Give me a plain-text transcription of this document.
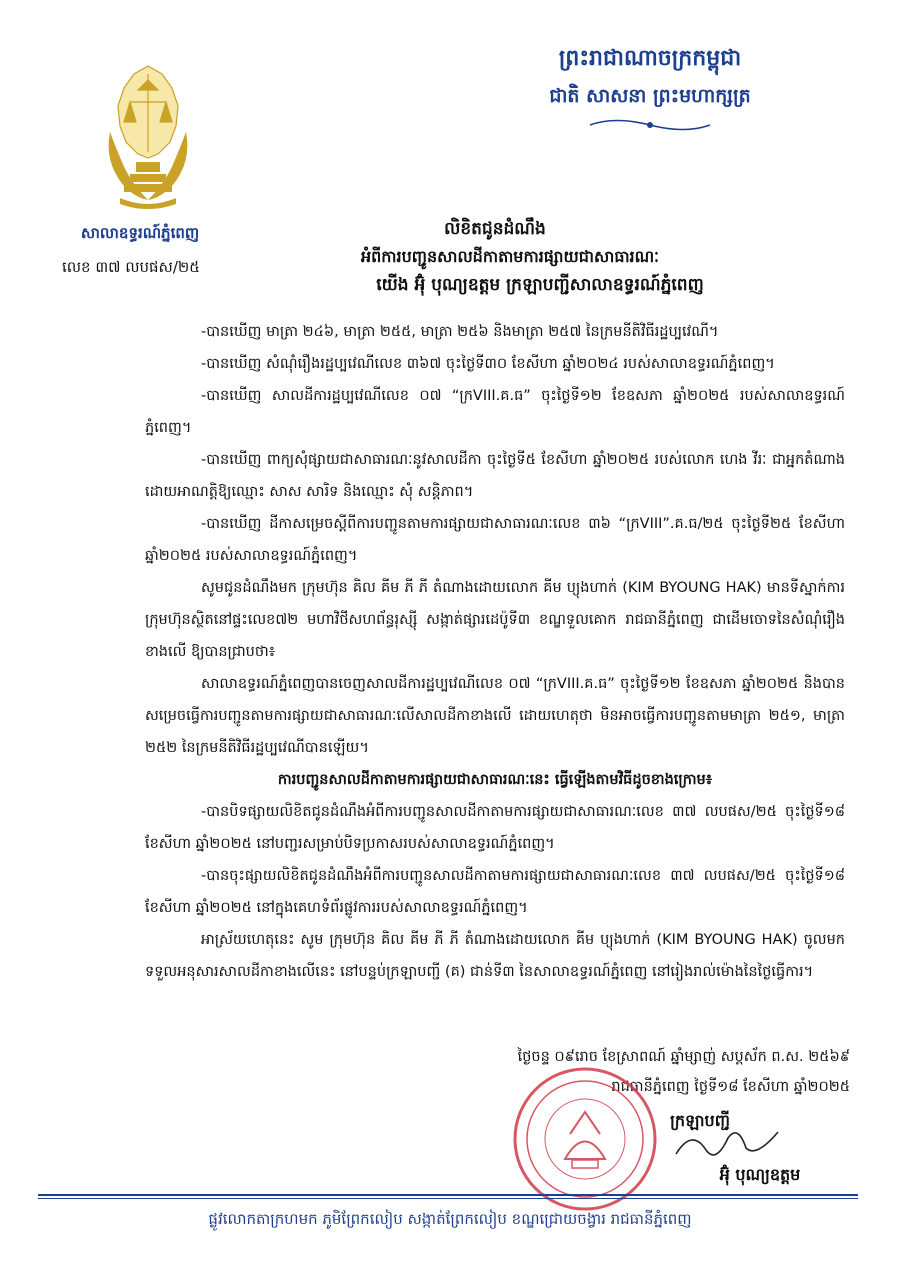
សាលាឧទ្ធរណ៍ភ្នំពេញ
លេខ ៣៧ លបផស/២៥
ព្រះរាជាណាចក្រកម្ពុជា
ជាតិ សាសនា ព្រះមហាក្សត្រ
លិខិតជូនដំណឹង
អំពីការបញ្ជូនសាលដីកាតាមការផ្សាយជាសាធារណៈ
យើង អ៊ុំ បុណ្យឧត្តម ក្រឡាបញ្ជីសាលាឧទ្ធរណ៍ភ្នំពេញ

-បានឃើញ មាត្រា ២៤៦, មាត្រា ២៥៥, មាត្រា ២៥៦ និងមាត្រា ២៥៧ នៃក្រមនីតិវិធីរដ្ឋប្បវេណី។

-បានឃើញ សំណុំរឿងរដ្ឋប្បវេណីលេខ ៣៦៧ ចុះថ្ងៃទី៣០ ខែសីហា ឆ្នាំ២០២៤ របស់សាលាឧទ្ធរណ៍ភ្នំពេញ។

-បានឃើញ សាលដីការដ្ឋប្បវេណីលេខ ០៧ “ក្រVIII.គ.ធ” ចុះថ្ងៃទី១២ ខែឧសភា ឆ្នាំ២០២៥ របស់សាលាឧទ្ធរណ៍ភ្នំពេញ។

-បានឃើញ ពាក្យសុំផ្សាយជាសាធារណៈនូវសាលដីកា ចុះថ្ងៃទី៥ ខែសីហា ឆ្នាំ២០២៥ របស់លោក ហេង វីរៈ ជាអ្នកតំណាងដោយអាណត្តិឱ្យឈ្មោះ សាស សារិទ និងឈ្មោះ សុំ សន្តិភាព។

-បានឃើញ ដីកាសម្រេចស្តីពីការបញ្ជូនតាមការផ្សាយជាសាធារណៈលេខ ៣៦ “ក្រVIII”.គ.ធ/២៥ ចុះថ្ងៃទី២៥ ខែសីហា ឆ្នាំ២០២៥ របស់សាលាឧទ្ធរណ៍ភ្នំពេញ។

សូមជូនដំណឹងមក ក្រុមហ៊ុន គិល គីម ភី ភី តំណាងដោយលោក គីម ប្យុងហាក់ (KIM BYOUNG HAK) មានទីស្នាក់ការក្រុមហ៊ុនស្ថិតនៅផ្ទះលេខ៧២ មហាវិថីសហព័ន្ធរុស្ស៊ី សង្កាត់ផ្សារដេប៉ូទី៣ ខណ្ឌទួលគោក រាជធានីភ្នំពេញ ជាដើមចោទនៃសំណុំរឿងខាងលើ ឱ្យបានជ្រាបថា៖

សាលាឧទ្ធរណ៍ភ្នំពេញបានចេញសាលដីការដ្ឋប្បវេណីលេខ ០៧ “ក្រVIII.គ.ធ” ចុះថ្ងៃទី១២ ខែឧសភា ឆ្នាំ២០២៥ និងបានសម្រេចធ្វើការបញ្ជូនតាមការផ្សាយជាសាធារណៈលើសាលដីកាខាងលើ ដោយហេតុថា មិនអាចធ្វើការបញ្ជូនតាមមាត្រា ២៥១, មាត្រា ២៥២ នៃក្រមនីតិវិធីរដ្ឋប្បវេណីបានឡើយ។

ការបញ្ជូនសាលដីកាតាមការផ្សាយជាសាធារណៈនេះ ធ្វើឡើងតាមវិធីដូចខាងក្រោម៖

-បានបិទផ្សាយលិខិតជូនដំណឹងអំពីការបញ្ជូនសាលដីកាតាមការផ្សាយជាសាធារណៈលេខ ៣៧ លបផស/២៥ ចុះថ្ងៃទី១៨ ខែសីហា ឆ្នាំ២០២៥ នៅបញ្ជរសម្រាប់បិទប្រកាសរបស់សាលាឧទ្ធរណ៍ភ្នំពេញ។

-បានចុះផ្សាយលិខិតជូនដំណឹងអំពីការបញ្ជូនសាលដីកាតាមការផ្សាយជាសាធារណៈលេខ ៣៧ លបផស/២៥ ចុះថ្ងៃទី១៨ ខែសីហា ឆ្នាំ២០២៥ នៅក្នុងគេហទំព័រផ្លូវការរបស់សាលាឧទ្ធរណ៍ភ្នំពេញ។

អាស្រ័យហេតុនេះ សូម ក្រុមហ៊ុន គិល គីម ភី ភី តំណាងដោយលោក គីម ប្យុងហាក់ (KIM BYOUNG HAK) ចូលមកទទួលអនុសារសាលដីកាខាងលើនេះ នៅបន្ទប់ក្រឡាបញ្ជី (គ) ជាន់ទី៣ នៃសាលាឧទ្ធរណ៍ភ្នំពេញ នៅរៀងរាល់ម៉ោងនៃថ្ងៃធ្វើការ។

ថ្ងៃចន្ទ ០៩រោច ខែស្រាពណ៍ ឆ្នាំម្សាញ់ សប្តស័ក ព.ស. ២៥៦៩
រាជធានីភ្នំពេញ ថ្ងៃទី១៨ ខែសីហា ឆ្នាំ២០២៥
ក្រឡាបញ្ជី
អ៊ុំ បុណ្យឧត្តម
ផ្លូវលោកតាក្រហមក ភូមិព្រែកលៀប សង្កាត់ព្រែកលៀប ខណ្ឌជ្រោយចង្វារ រាជធានីភ្នំពេញ
